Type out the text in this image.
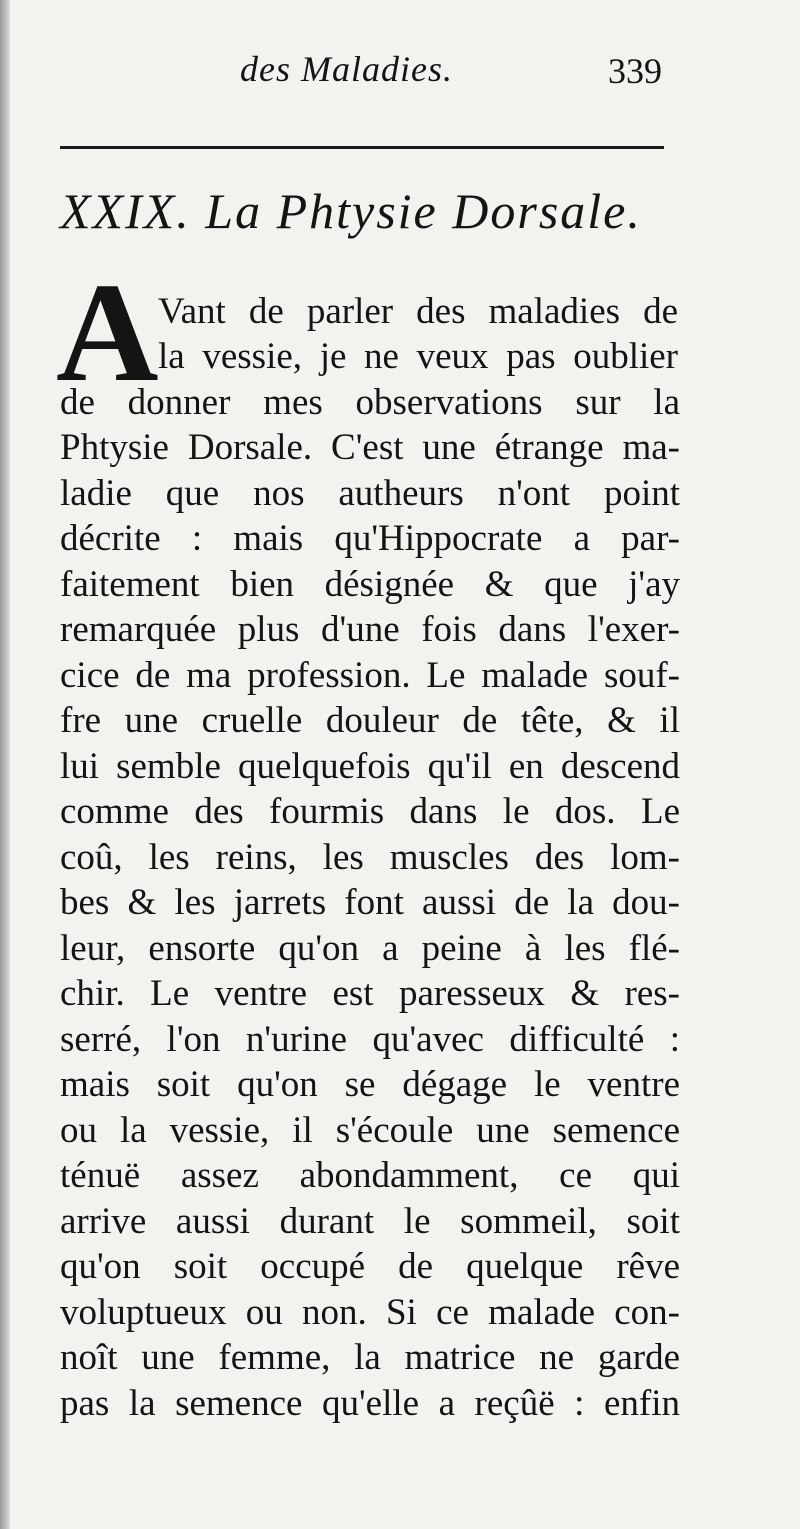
des Maladies.	339
XXIX. La Phtysie Dorsale.
A Vant de parler des maladies de
la vessie, je ne veux pas oublier
de donner mes observations sur la
Phtysie Dorsale. C'est une étrange ma-
ladie que nos autheurs n'ont point
décrite : mais qu'Hippocrate a par-
faitement bien désignée & que j'ay
remarquée plus d'une fois dans l'exer-
cice de ma profession. Le malade souf-
fre une cruelle douleur de tête, & il
lui semble quelquefois qu'il en descend
comme des fourmis dans le dos. Le
coû, les reins, les muscles des lom-
bes & les jarrets font aussi de la dou-
leur, ensorte qu'on a peine à les flé-
chir. Le ventre est paresseux & res-
serré, l'on n'urine qu'avec difficulté :
mais soit qu'on se dégage le ventre
ou la vessie, il s'écoule une semence
ténuë assez abondamment, ce qui
arrive aussi durant le sommeil, soit
qu'on soit occupé de quelque rêve
voluptueux ou non. Si ce malade con-
noît une femme, la matrice ne garde
pas la semence qu'elle a reçûë : enfin
